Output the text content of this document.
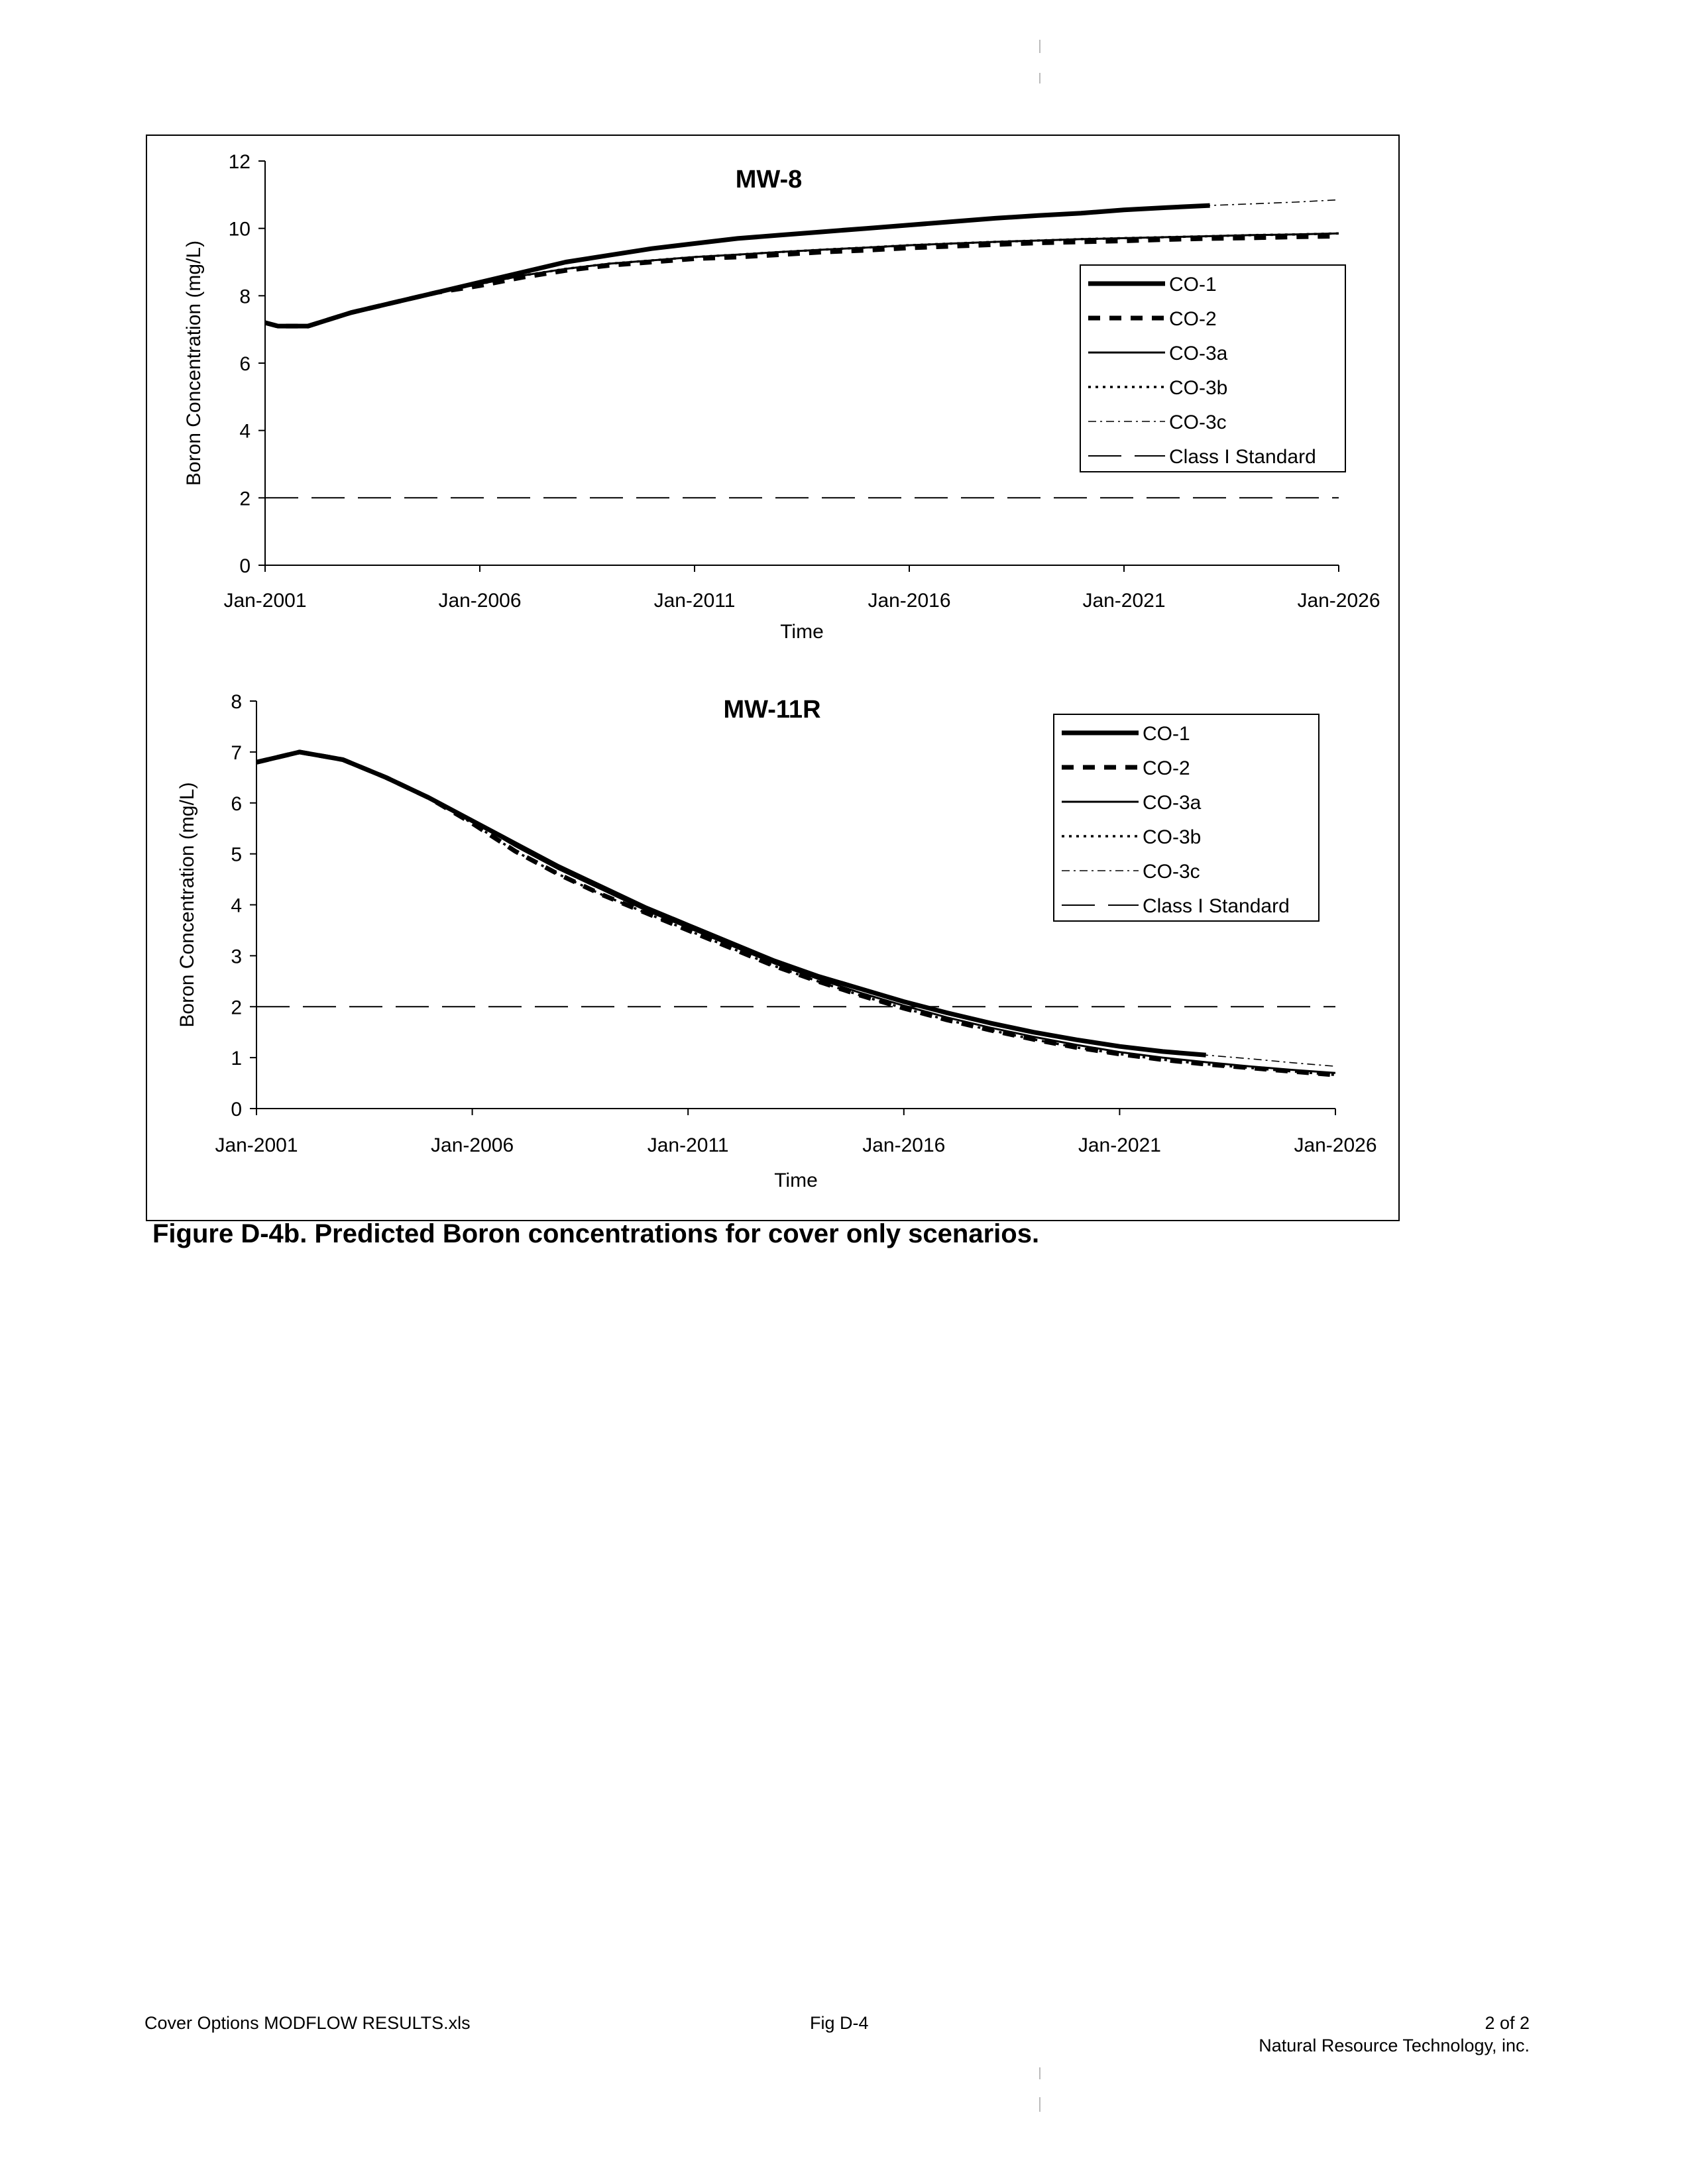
0
2
4
6
8
10
12
Jan-2001	Jan-2006	Jan-2011	Jan-2016	Jan-2021	Jan-2026
Time
Boron Concentration (mg/L)
MW-8
CO-1
CO-2
CO-3a
CO-3b
CO-3c
Class I Standard
0
1
2
3
4
5
6
7
8
Jan-2001	Jan-2006	Jan-2011	Jan-2016	Jan-2021	Jan-2026
Time
Boron Concentration (mg/L)
MW-11R
CO-1
CO-2
CO-3a
CO-3b
CO-3c
Class I Standard
Figure D-4b. Predicted Boron concentrations for cover only scenarios.
Cover Options MODFLOW RESULTS.xls	Fig D-4	2 of 2
Natural Resource Technology, inc.
